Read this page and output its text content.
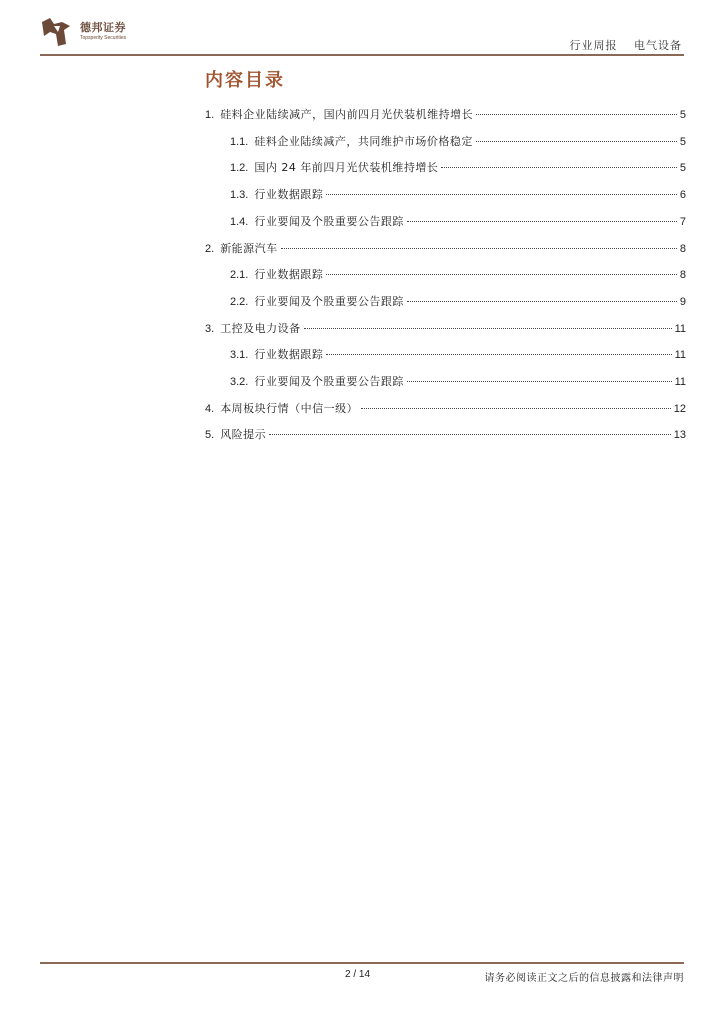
德邦证券
Topsperity Securities
行业周报 电气设备
内容目录
1. 硅料企业陆续减产，国内前四月光伏装机维持增长	5
1.1. 硅料企业陆续减产，共同维护市场价格稳定	5
1.2. 国内 24 年前四月光伏装机维持增长	5
1.3. 行业数据跟踪	6
1.4. 行业要闻及个股重要公告跟踪	7
2. 新能源汽车	8
2.1. 行业数据跟踪	8
2.2. 行业要闻及个股重要公告跟踪	9
3. 工控及电力设备	11
3.1. 行业数据跟踪	11
3.2. 行业要闻及个股重要公告跟踪	11
4. 本周板块行情（中信一级）	12
5. 风险提示	13
2 / 14	请务必阅读正文之后的信息披露和法律声明
